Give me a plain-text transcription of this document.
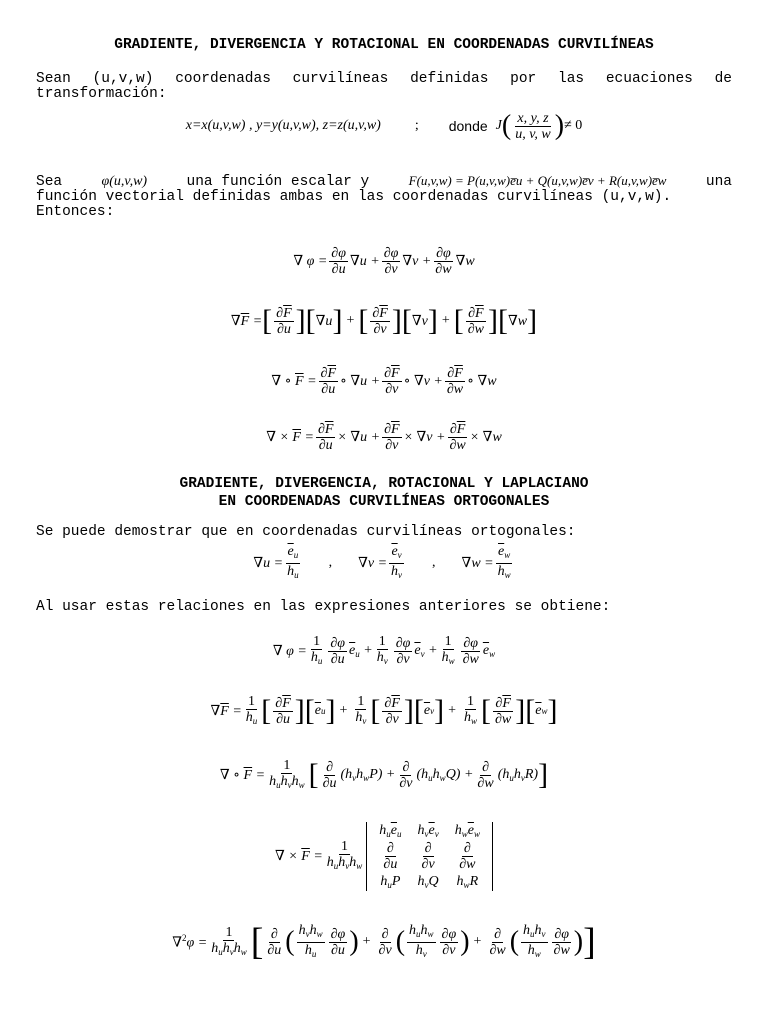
GRADIENTE, DIVERGENCIA Y ROTACIONAL EN COORDENADAS CURVILÍNEAS
Sean (u,v,w) coordenadas curvilíneas definidas por las ecuaciones de transformación:
x=x(u,v,w) , y=y(u,v,w), z=z(u,v,w) ; donde J ( $\frac{x, y, z}{u, v, w}$ ) ≠ 0
Sea	φ(u,v,w)	una función escalar y	F(u,v,w) = P(u,v,w)e̅u + Q(u,v,w)e̅v + R(u,v,w)e̅w	una
función vectorial definidas ambas en las coordenadas curvilíneas (u,v,w).
Entonces:
∇ $\varphi = \frac{\partial\varphi}{\partial u} \nabla u + \frac{\partial\varphi}{\partial v} \nabla v + \frac{\partial\varphi}{\partial w} \nabla w$
$\nabla\overline{F}$ = [ $\frac{\partial\overline{F}}{\partial u}$ ] [ ∇u ] + [ $\frac{\partial\overline{F}}{\partial v}$ ] [ ∇v ] + [ $\frac{\partial\overline{F}}{\partial w}$ ] [ ∇w ]
∇ ∘ $\overline{F} = \frac{\partial\overline{F}}{\partial u}$ ∘ $\nabla u + \frac{\partial\overline{F}}{\partial v}$ ∘ $\nabla v + \frac{\partial\overline{F}}{\partial w}$ ∘ ∇w
∇ × $\overline{F} = \frac{\partial\overline{F}}{\partial u} \times \nabla u + \frac{\partial\overline{F}}{\partial v} \times \nabla v + \frac{\partial\overline{F}}{\partial w} \times \nabla w$
GRADIENTE, DIVERGENCIA, ROTACIONAL Y LAPLACIANO
EN COORDENADAS CURVILÍNEAS ORTOGONALES
Se puede demostrar que en coordenadas curvilíneas ortogonales:
$\nabla u = \frac{\overline{e}_u}{h_u}$ , $\nabla v = \frac{\overline{e}_v}{h_v}$ , $\nabla w = \frac{\overline{e}_w}{h_w}$
Al usar estas relaciones en las expresiones anteriores se obtiene:
∇ $\varphi = \frac{1}{h_u} \frac{\partial\varphi}{\partial u} \overline{e}_u + \frac{1}{h_v} \frac{\partial\varphi}{\partial v} \overline{e}_v + \frac{1}{h_w} \frac{\partial\varphi}{\partial w} \overline{e}_w$
$\nabla\overline{F} = \frac{1}{h_u}$ [ $\frac{\partial\overline{F}}{\partial u}$ ] [ $\overline{e}$ u ] + $\frac{1}{h_v}$ [ $\frac{\partial\overline{F}}{\partial v}$ ] [ $\overline{e}$ v ] + $\frac{1}{h_w}$ [ $\frac{\partial\overline{F}}{\partial w}$ ] [ $\overline{e}$ w ]
∇ ∘ $\overline{F} = \frac{1}{h_uh_vh_w}$ [ $\frac{\partial}{\partial u} (h_vh_wP) + \frac{\partial}{\partial v} (h_uh_wQ) + \frac{\partial}{\partial w} (h_uh_vR)$ ]
∇ × $\overline{F} = \frac{1}{h_uh_vh_w}$
$h_u\overline{e}_u$	$h_v\overline{e}_v$	$h_w\overline{e}_w$

$\frac{\partial}{\partial u}$	$\frac{\partial}{\partial v}$	$\frac{\partial}{\partial w}$

$h_uP$	$h_vQ$	$h_wR$
$\nabla^2\varphi = \frac{1}{h_uh_vh_w}$ [ $\frac{\partial}{\partial u}$ ( $\frac{h_vh_w}{h_u} \frac{\partial\varphi}{\partial u}$ ) + $\frac{\partial}{\partial v}$ ( $\frac{h_uh_w}{h_v} \frac{\partial\varphi}{\partial v}$ ) + $\frac{\partial}{\partial w}$ ( $\frac{h_uh_v}{h_w} \frac{\partial\varphi}{\partial w}$ ) ]
